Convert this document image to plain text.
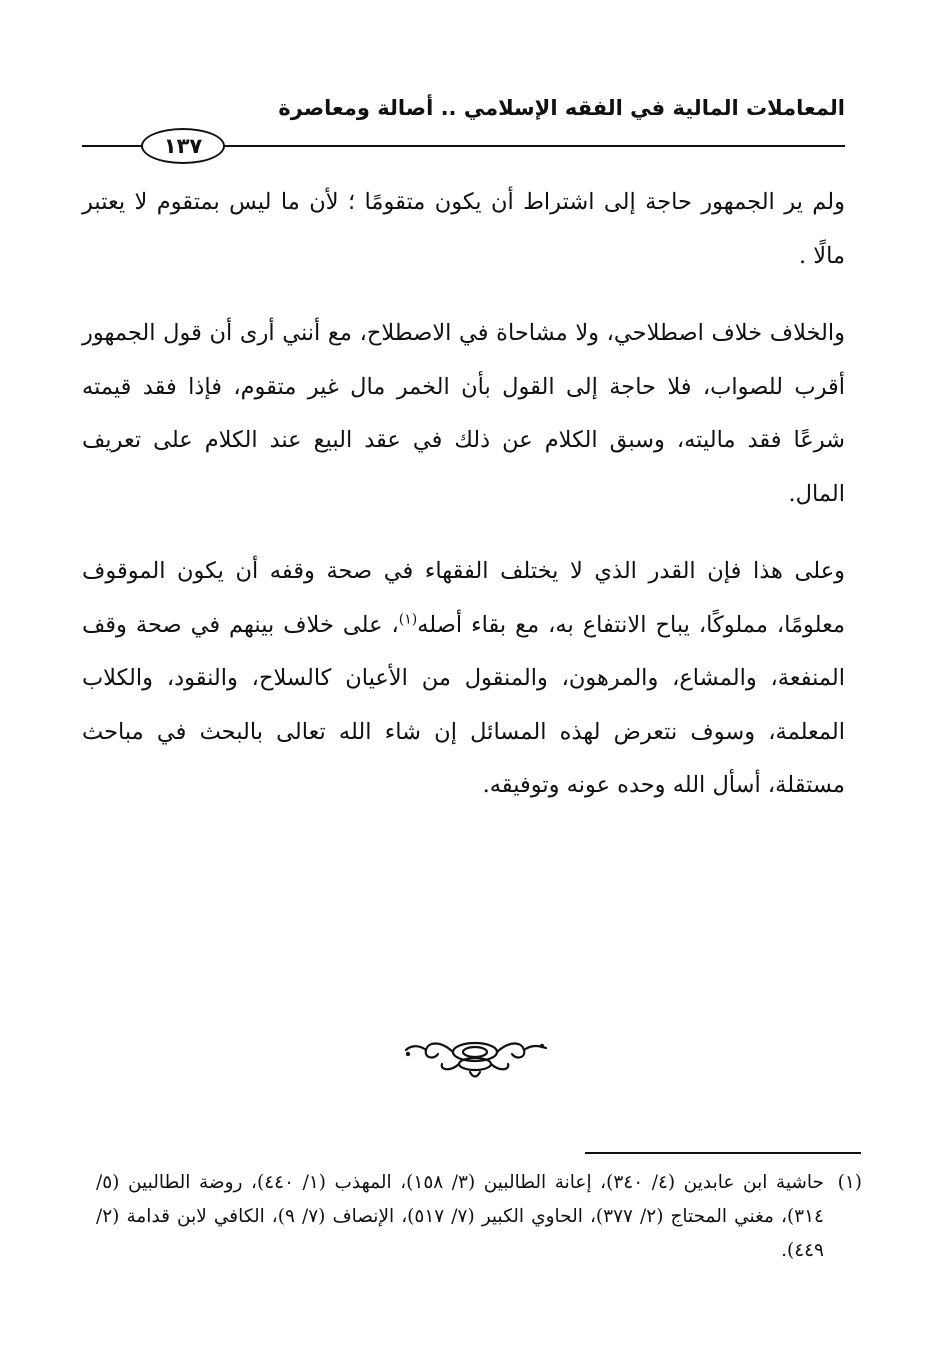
المعاملات المالية في الفقه الإسلامي .. أصالة ومعاصرة
١٣٧

ولم ير الجمهور حاجة إلى اشتراط أن يكون متقومًا ؛ لأن ما ليس بمتقوم لا يعتبر مالًا .

والخلاف خلاف اصطلاحي، ولا مشاحاة في الاصطلاح، مع أنني أرى أن قول الجمهور أقرب للصواب، فلا حاجة إلى القول بأن الخمر مال غير متقوم، فإذا فقد قيمته شرعًا فقد ماليته، وسبق الكلام عن ذلك في عقد البيع عند الكلام على تعريف المال.

وعلى هذا فإن القدر الذي لا يختلف الفقهاء في صحة وقفه أن يكون الموقوف معلومًا، مملوكًا، يباح الانتفاع به، مع بقاء أصله$^{(١)}$، على خلاف بينهم في صحة وقف المنفعة، والمشاع، والمرهون، والمنقول من الأعيان كالسلاح، والنقود، والكلاب المعلمة، وسوف نتعرض لهذه المسائل إن شاء الله تعالى بالبحث في مباحث مستقلة، أسأل الله وحده عونه وتوفيقه.

(١)
حاشية ابن عابدين (٤/ ٣٤٠)، إعانة الطالبين (٣/ ١٥٨)، المهذب (١/ ٤٤٠)، روضة الطالبين (٥/ ٣١٤)، مغني المحتاج (٢/ ٣٧٧)، الحاوي الكبير (٧/ ٥١٧)، الإنصاف (٧/ ٩)، الكافي لابن قدامة (٢/ ٤٤٩).
